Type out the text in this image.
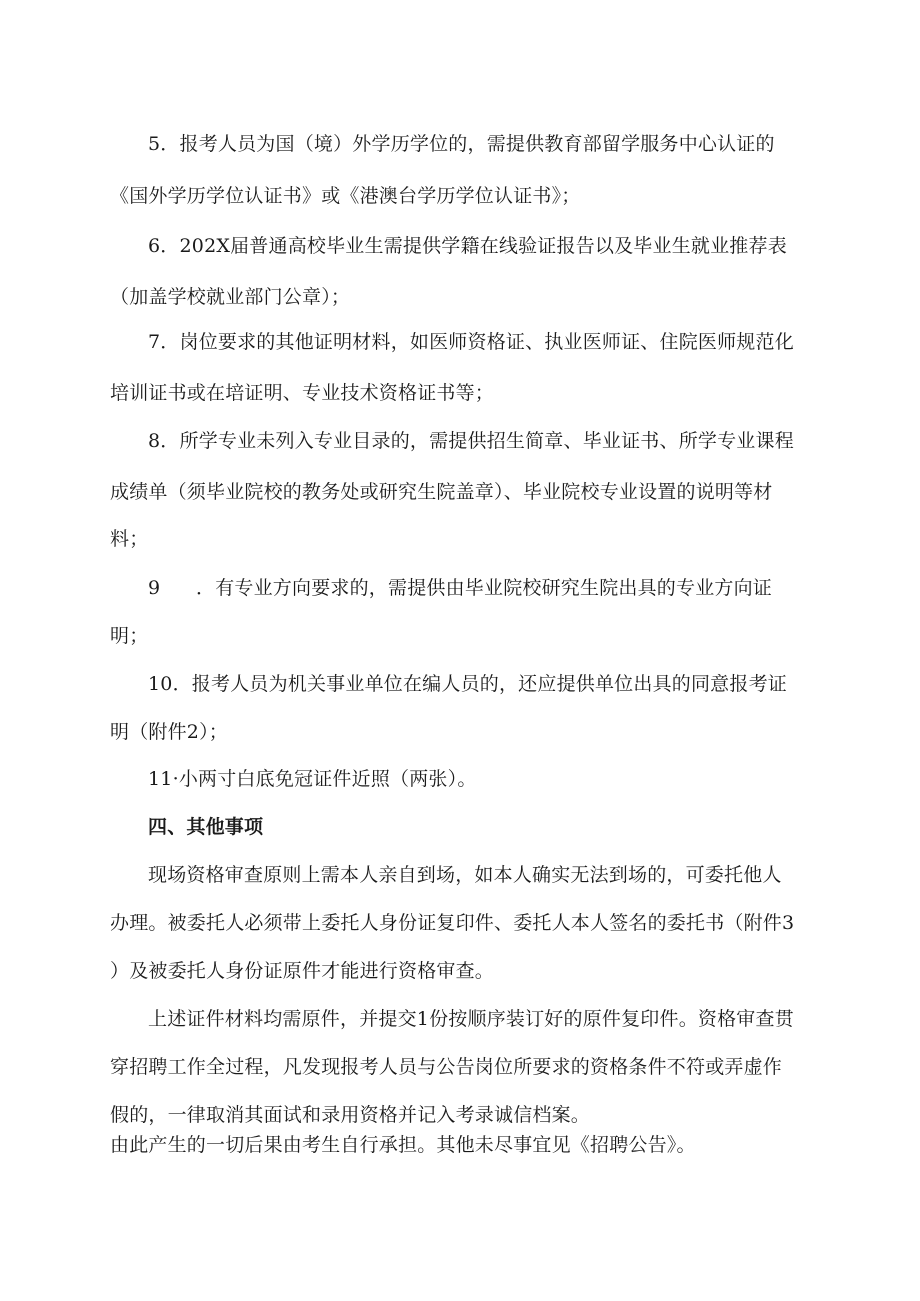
5．报考人员为国（境）外学历学位的，需提供教育部留学服务中心认证的
《国外学历学位认证书》或《港澳台学历学位认证书》；
6．202X届普通高校毕业生需提供学籍在线验证报告以及毕业生就业推荐表
（加盖学校就业部门公章）；
7．岗位要求的其他证明材料，如医师资格证、执业医师证、住院医师规范化
培训证书或在培证明、专业技术资格证书等；
8．所学专业未列入专业目录的，需提供招生简章、毕业证书、所学专业课程
成绩单（须毕业院校的教务处或研究生院盖章）、毕业院校专业设置的说明等材
料；
9 ．有专业方向要求的，需提供由毕业院校研究生院出具的专业方向证
明；
10．报考人员为机关事业单位在编人员的，还应提供单位出具的同意报考证
明（附件2）；
11·小两寸白底免冠证件近照（两张）。
四、其他事项
现场资格审查原则上需本人亲自到场，如本人确实无法到场的，可委托他人
办理。被委托人必须带上委托人身份证复印件、委托人本人签名的委托书（附件3
）及被委托人身份证原件才能进行资格审查。
上述证件材料均需原件，并提交1份按顺序装订好的原件复印件。资格审查贯
穿招聘工作全过程，凡发现报考人员与公告岗位所要求的资格条件不符或弄虚作
假的，一律取消其面试和录用资格并记入考录诚信档案。
由此产生的一切后果由考生自行承担。其他未尽事宜见《招聘公告》。
